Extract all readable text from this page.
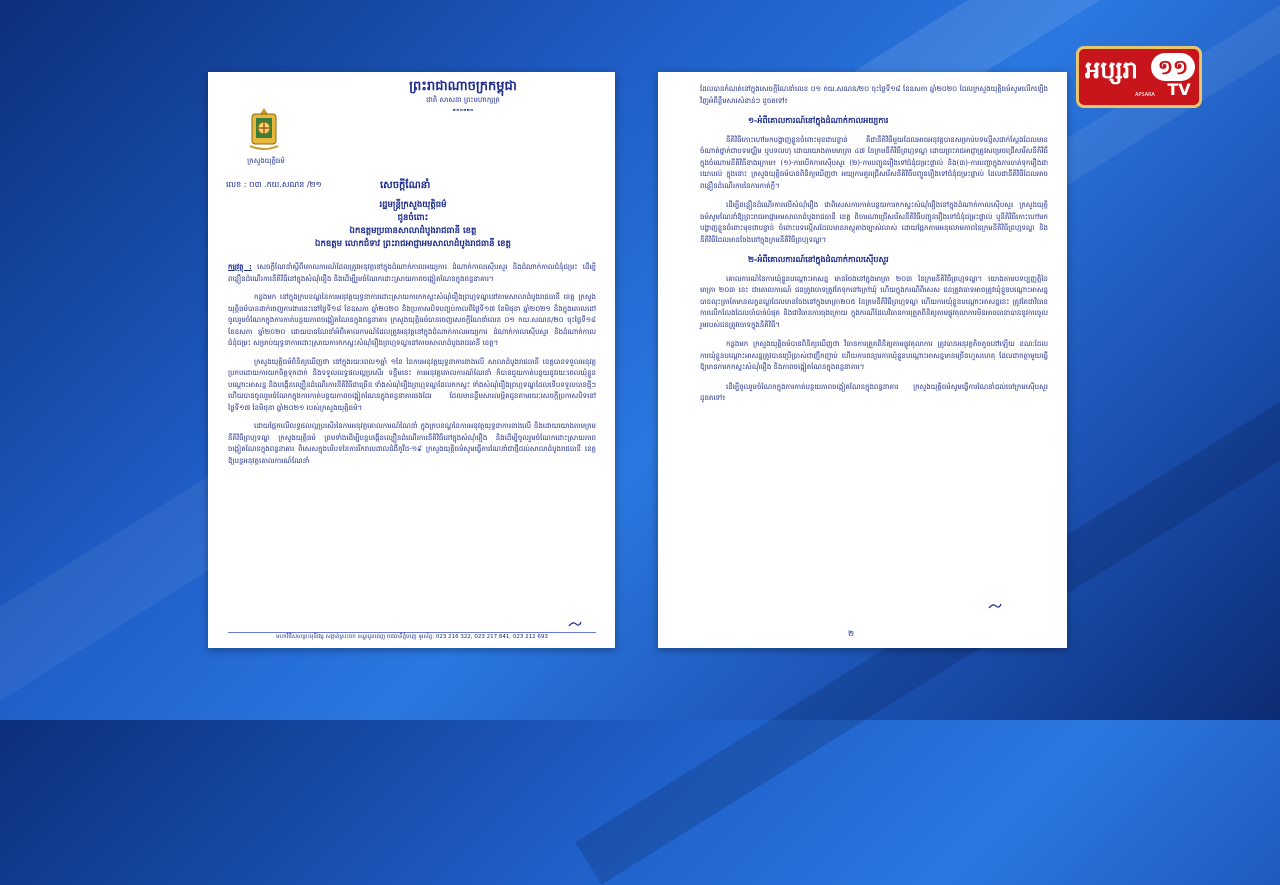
ព្រះរាជាណាចក្រកម្ពុជា
ជាតិ សាសនា ព្រះមហាក្សត្រ
⊷⊶⊷
ក្រសួងយុត្តិធម៌
លេខ : ០៣ .កយ.សណន /២១	សេចក្តីណែនាំ
រដ្ឋមន្ត្រីក្រសួងយុត្តិធម៌
ជូនចំពោះ
ឯកឧត្តមប្រធានសាលាដំបូងរាជធានី ខេត្ត
ឯកឧត្តម លោកជំទាវ ព្រះរាជអាជ្ញាអមសាលាដំបូងរាជធានី ខេត្ត

កម្មវត្ថុ : សេចក្តីណែនាំស្តីពីគោលការណ៍ដែលត្រូវអនុវត្តនៅក្នុងដំណាក់កាលអយ្យការ ដំណាក់កាលស៊ើបសួរ និងដំណាក់កាលជំនុំជម្រះ ដើម្បីពន្លឿនដំណើរការនីតិវិធីនៅក្នុងសំណុំរឿង និងដើម្បីរួមចំណែកដោះស្រាយភាពចង្អៀតណែនក្នុងពន្ធនាគារ។

កន្លងមក នៅក្នុងក្របខណ្ឌនៃការអនុវត្តយុទ្ធនាការដោះស្រាយការកកស្ទះសំណុំរឿងព្រហ្មទណ្ឌនៅតាមសាលាដំបូងរាជធានី ខេត្ត ក្រសួងយុត្តិធម៌បានដាក់ចេញការងារនេះនៅថ្ងៃទី១៨ ខែឧសភា ឆ្នាំ២០២០ និងប្រកាសបិទបញ្ចប់កាលពីថ្ងៃទី១៧ ខែមិថុនា ឆ្នាំ២០២១ និងក្នុងគោលដៅចូលរួមចំណែកក្នុងការកាត់បន្ថយភាពចង្អៀតណែនក្នុងពន្ធនាគារ ក្រសួងយុត្តិធម៌បានចេញសេចក្តីណែនាំលេខ ០១ កយ.សណន/២០ ចុះថ្ងៃទី១៨ ខែឧសភា ឆ្នាំ២០២០ ដោយបានណែនាំអំពីគោលការណ៍ដែលត្រូវអនុវត្តនៅក្នុងដំណាក់កាលអយ្យការ ដំណាក់កាលស៊ើបសួរ និងដំណាក់កាលជំនុំជម្រះ សម្រាប់យុទ្ធនាការដោះស្រាយការកកស្ទះសំណុំរឿងព្រហ្មទណ្ឌនៅតាមសាលាដំបូងរាជធានី ខេត្ត។

ក្រសួងយុត្តិធម៌ពិនិត្យឃើញថា នៅក្នុងរយៈពេល១ឆ្នាំ ១ខែ នៃការអនុវត្តយុទ្ធនាការខាងលើ សាលាដំបូងរាជធានី ខេត្តបានទទួលអនុវត្តប្រកបដោយការយកចិត្តទុកដាក់ និងទទួលលទ្ធផលល្អប្រសើរ ទន្ទឹមនេះ ការអនុវត្តគោលការណ៍ណែនាំ ក៏បានជួយកាត់បន្ថយនូវរយៈពេលឃុំខ្លួនបណ្តោះអាសន្ន និងបង្កើនល្បឿនដំណើរការនីតិវិធីជាច្រើន ទាំងសំណុំរឿងព្រហ្មទណ្ឌដែលកកស្ទះ ទាំងសំណុំរឿងព្រហ្មទណ្ឌដែលទើបទទួលបានថ្មីៗ ហើយបានចូលរួមចំណែកក្នុងការកាត់បន្ថយភាពចង្អៀតណែនក្នុងពន្ធនាគារផងដែរ ដែលមានខ្លឹមសារលម្អិតជូនតាមរយៈសេចក្តីប្រកាសបិទនៅថ្ងៃទី១៧ ខែមិថុនា ឆ្នាំ២០២១ របស់ក្រសួងយុត្តិធម៌។

ដោយផ្អែកលើលទ្ធផលល្អប្រសើរនៃការអនុវត្តគោលការណ៍ណែនាំ ក្នុងក្របខណ្ឌនៃការអនុវត្តយុទ្ធនាការខាងលើ និងដោយយោងតាមក្រមនីតិវិធីព្រហ្មទណ្ឌ ក្រសួងយុត្តិធម៌ ព្រមទាំងដើម្បីបន្តបង្កើនល្បឿនដំណើរការនីតិវិធីនៅក្នុងសំណុំរឿង និងដើម្បីចូលរួមចំណែកដោះស្រាយភាពចង្អៀតណែនក្នុងពន្ធនាគារ ពិសេសក្នុងបរិបទនៃការរីករាលដាលជំងឺកូវីដ-១៩ ក្រសួងយុត្តិធម៌សូមធ្វើការណែនាំជាថ្មីដល់សាលាដំបូងរាជធានី ខេត្ត ឱ្យបន្តអនុវត្តគោលការណ៍ណែនាំ

មហាវិថីសហព្រះមុនីវង្ស សង្កាត់ស្រះចក ខណ្ឌដូនពេញ រាជធានីភ្នំពេញ ទូរស័ព្ទ: 023 216 322, 023 217 841, 023 212 693

ដែលបានកំណត់នៅក្នុងសេចក្តីណែនាំលេខ ០១ កយ.សណន/២០ ចុះថ្ងៃទី១៨ ខែឧសភា ឆ្នាំ២០២០ ដែលក្រសួងយុត្តិធម៌សូមលើកឡើងវិញអំពីខ្លឹមសារសំខាន់ៗ ដូចតទៅ៖

១-អំពីគោលការណ៍នៅក្នុងដំណាក់កាលអយ្យការ

នីតិវិធីកោះហៅមកបង្ហាញខ្លួនចំពោះមុខជាបន្ទាន់ គឺជានីតិវិធីមួយដែលអាចអនុវត្តបានសម្រាប់បទល្មើសជាក់ស្តែងដែលមានចំណាត់ថ្នាក់ជាបទមជ្ឈិម ឬបទលហុ ដោយយោងតាមមាត្រា ៤៧ នៃក្រមនីតិវិធីព្រហ្មទណ្ឌ ដោយព្រះរាជអាជ្ញាត្រូវសម្រេចជ្រើសរើសនីតិវិធីក្នុងចំណោមនីតិវិធីខាងក្រោម៖ (១)-ការបើកការស៊ើបសួរ (២)-ការបញ្ជូនរឿងទៅជំនុំជម្រះផ្ទាល់ និង(៣)-ការបញ្ជាក្នុងការចាត់ទុករឿងជាយោបល់ ក្នុងនោះ ក្រសួងយុត្តិធម៌បានពិនិត្យឃើញថា អយ្យការគួរជ្រើសរើសនីតិវិធីបញ្ជូនរឿងទៅជំនុំជម្រះផ្ទាល់ ដែលជានីតិវិធីដែលអាចពន្លឿនដំណើរការនៃការកាត់ក្តី។

ដើម្បីពន្លឿនដំណើរការលើសំណុំរឿង ជាពិសេសការកាត់បន្ថយការកកស្ទះសំណុំរឿងនៅក្នុងដំណាក់កាលស៊ើបសួរ ក្រសួងយុត្តិធម៌សូមណែនាំឱ្យព្រះរាជអាជ្ញាអមសាលាដំបូងរាជធានី ខេត្ត ពិចារណាជ្រើសរើសនីតិវិធីបញ្ជូនរឿងទៅជំនុំជម្រះផ្ទាល់ ឬនីតិវិធីកោះហៅមកបង្ហាញខ្លួនចំពោះមុខជាបន្ទាន់ ចំពោះបទល្មើសដែលមានភស្តុតាងច្បាស់លាស់ ដោយផ្អែកតាមអនុលោមភាពនៃក្រមនីតិវិធីព្រហ្មទណ្ឌ និងនីតិវិធីដែលមានចែងនៅក្នុងក្រមនីតិវិធីព្រហ្មទណ្ឌ។

២-អំពីគោលការណ៍នៅក្នុងដំណាក់កាលស៊ើបសួរ

គោលការណ៍នៃការឃុំខ្លួនបណ្តោះអាសន្ន មានចែងនៅក្នុងមាត្រា ២០៣ នៃក្រមនីតិវិធីព្រហ្មទណ្ឌ។ យោងតាមបទប្បញ្ញត្តិនៃមាត្រា ២០៣ នេះ ជាគោលការណ៍ ជនត្រូវចោទត្រូវតែទុកនៅក្រៅឃុំ ហើយក្នុងករណីពិសេស ជនត្រូវចោទអាចត្រូវឃុំខ្លួនបណ្តោះអាសន្នបានលុះត្រាតែមានលក្ខខណ្ឌដែលមានចែងនៅក្នុងមាត្រា២០៥ នៃក្រមនីតិវិធីព្រហ្មទណ្ឌ ហើយការឃុំខ្លួនបណ្តោះអាសន្ននេះ ត្រូវតែជាវិធានការលើកលែងដែលចាំបាច់បំផុត និងជាវិធានការចុងក្រោយ ក្នុងករណីដែលវិធានការត្រួតពិនិត្យតាមផ្លូវតុលាការមិនអាចធានាបាននូវការចូលរួមរបស់ជនត្រូវចោទក្នុងនីតិវិធី។

កន្លងមក ក្រសួងយុត្តិធម៌បានពិនិត្យឃើញថា វិធានការត្រួតពិនិត្យតាមផ្លូវតុលាការ ត្រូវបានអនុវត្តតិចតួចនៅឡើយ ខណៈដែលការឃុំខ្លួនបណ្តោះអាសន្នត្រូវបានប្រើប្រាស់ជាញឹកញាប់ ហើយការពន្យារការឃុំខ្លួនបណ្តោះអាសន្នមានច្រើនហួសហេតុ ដែលជាកត្តាមួយធ្វើឱ្យមានការកកស្ទះសំណុំរឿង និងភាពចង្អៀតណែនក្នុងពន្ធនាគារ។

ដើម្បីចូលរួមចំណែកក្នុងការកាត់បន្ថយភាពចង្អៀតណែនក្នុងពន្ធនាគារ ក្រសួងយុត្តិធម៌សូមធ្វើការណែនាំដល់ចៅក្រមស៊ើបសួរ ដូចតទៅ៖

២
អប្សរា	១១
TV
APSARA
